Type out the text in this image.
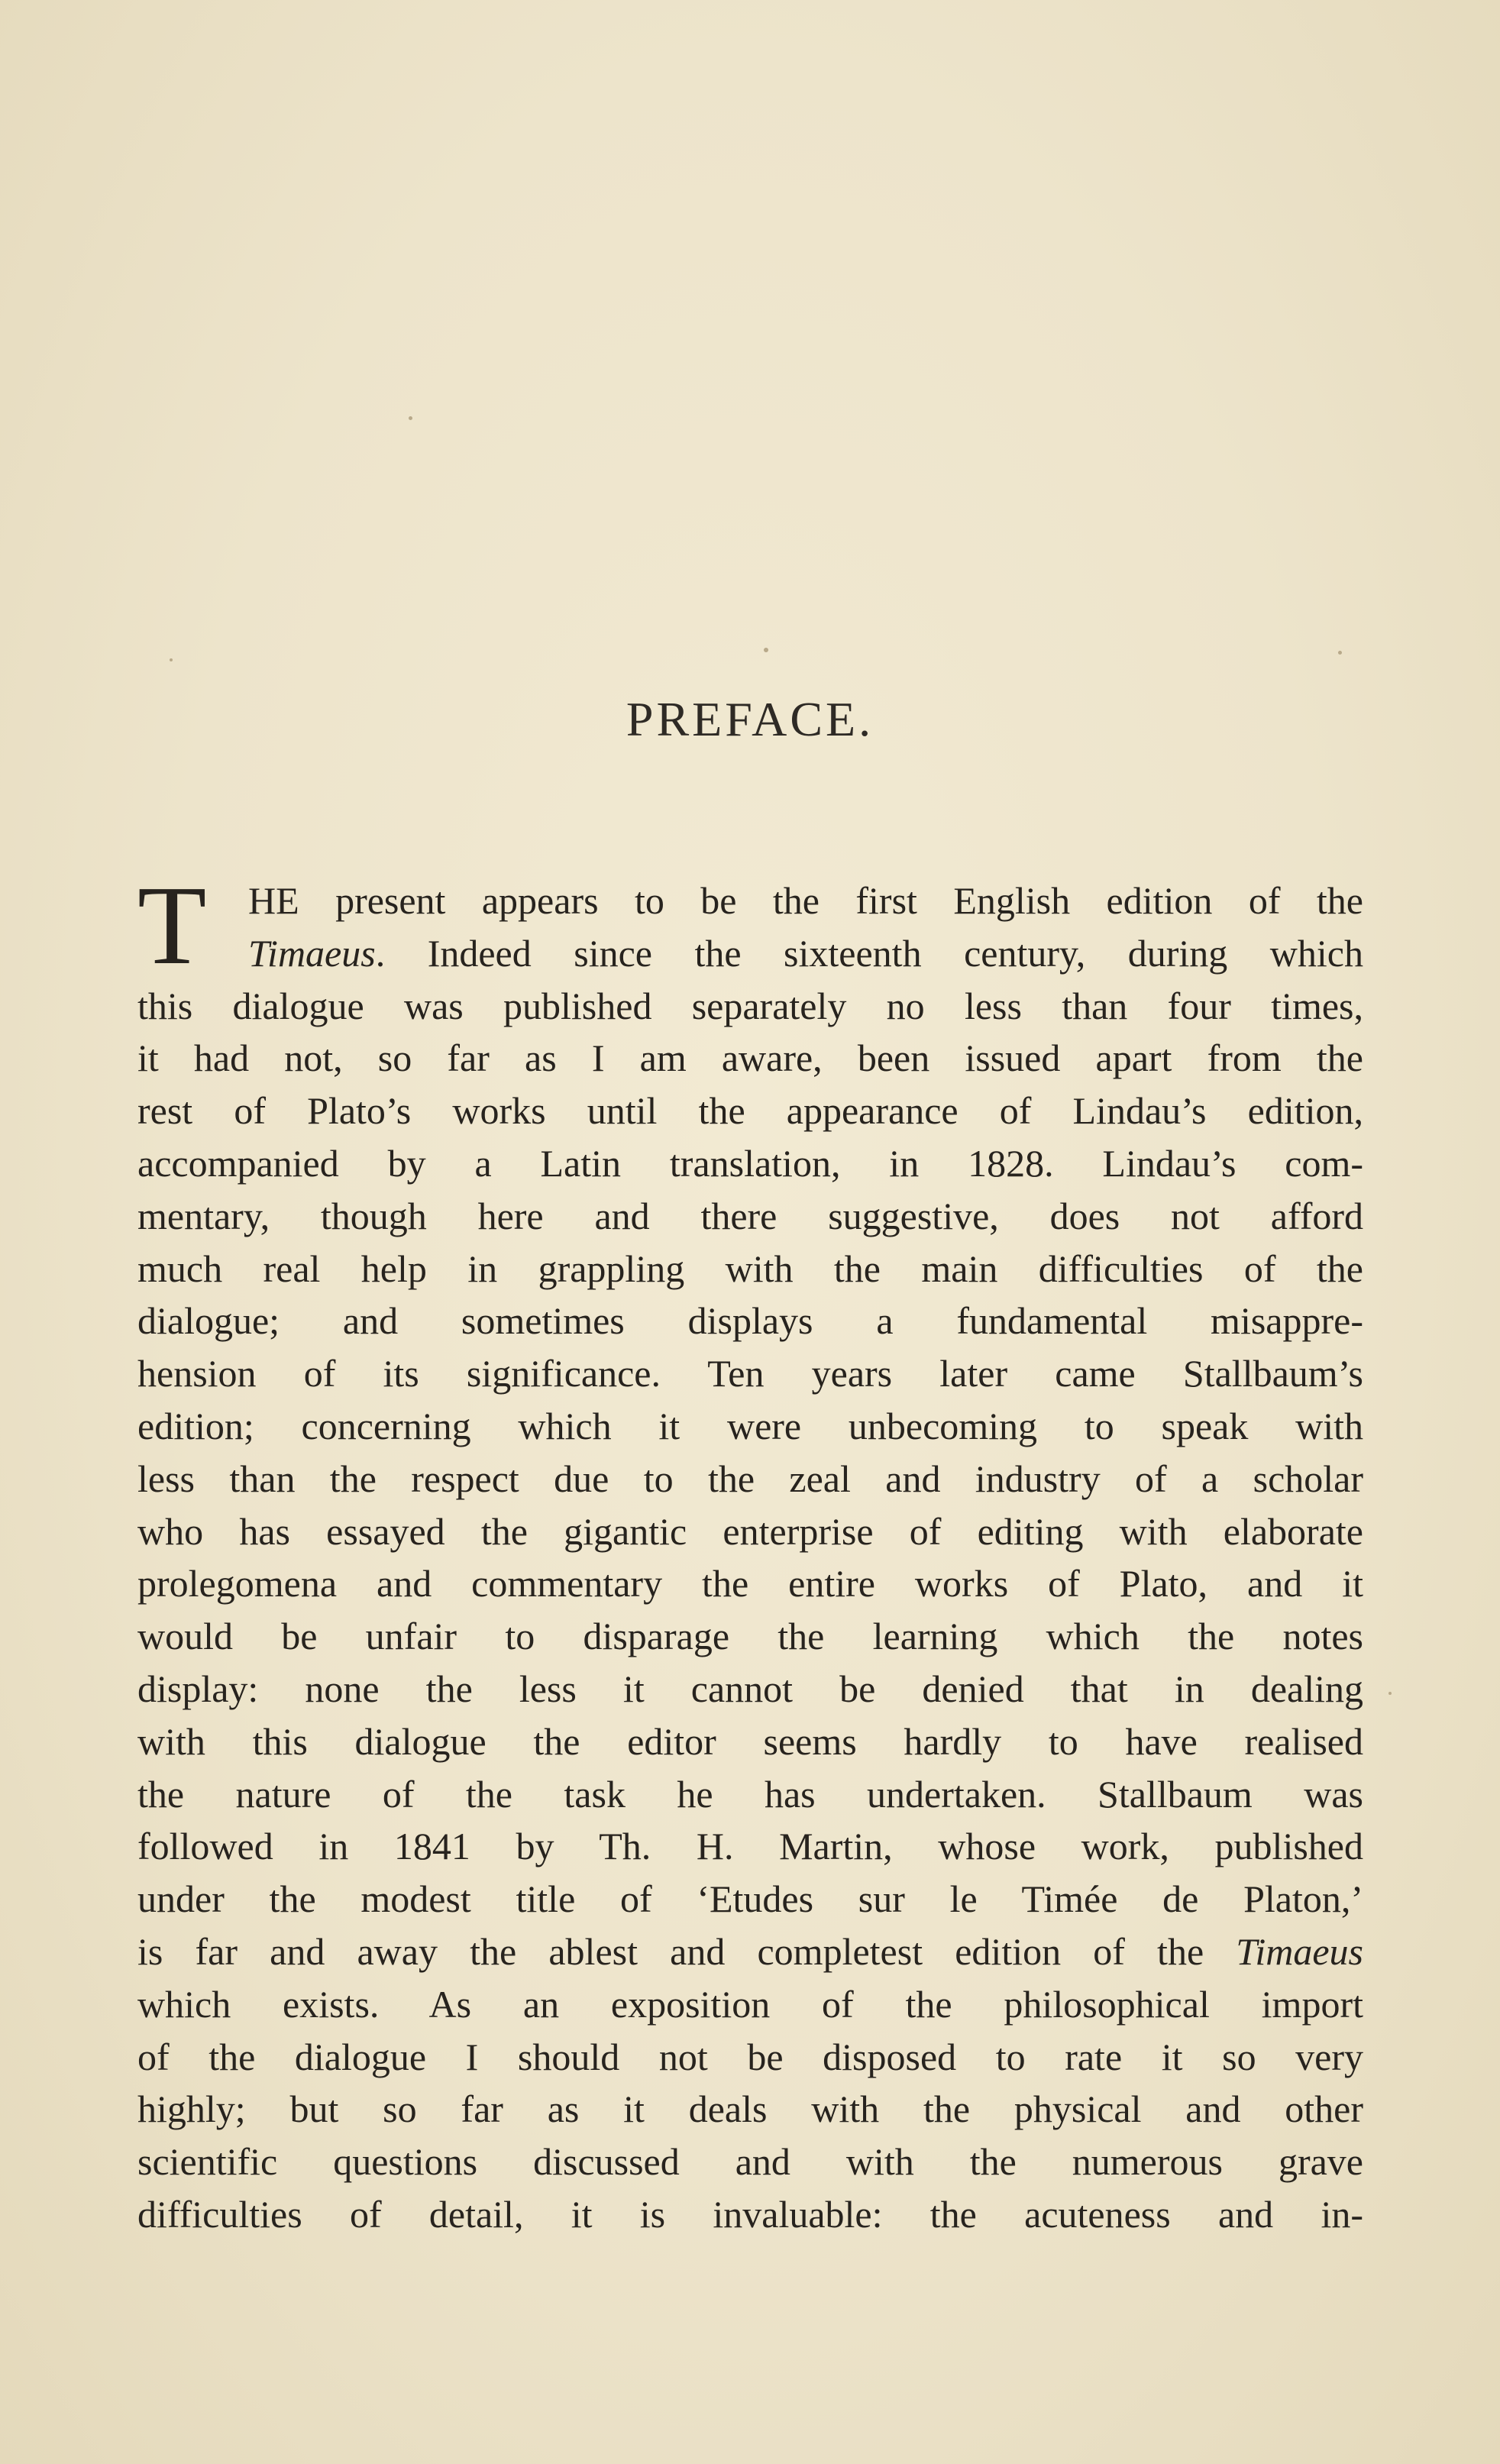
PREFACE.
T	HE present appears to be the first English edition of the
Timaeus. Indeed since the sixteenth century, during which
this dialogue was published separately no less than four times,
it had not, so far as I am aware, been issued apart from the
rest of Plato’s works until the appearance of Lindau’s edition,
accompanied by a Latin translation, in 1828. Lindau’s com-
mentary, though here and there suggestive, does not afford
much real help in grappling with the main difficulties of the
dialogue; and sometimes displays a fundamental misappre-
hension of its significance. Ten years later came Stallbaum’s
edition; concerning which it were unbecoming to speak with
less than the respect due to the zeal and industry of a scholar
who has essayed the gigantic enterprise of editing with elaborate
prolegomena and commentary the entire works of Plato, and it
would be unfair to disparage the learning which the notes
display: none the less it cannot be denied that in dealing
with this dialogue the editor seems hardly to have realised
the nature of the task he has undertaken. Stallbaum was
followed in 1841 by Th. H. Martin, whose work, published
under the modest title of ‘Etudes sur le Timée de Platon,’
is far and away the ablest and completest edition of the Timaeus
which exists. As an exposition of the philosophical import
of the dialogue I should not be disposed to rate it so very
highly; but so far as it deals with the physical and other
scientific questions discussed and with the numerous grave
difficulties of detail, it is invaluable: the acuteness and in-
